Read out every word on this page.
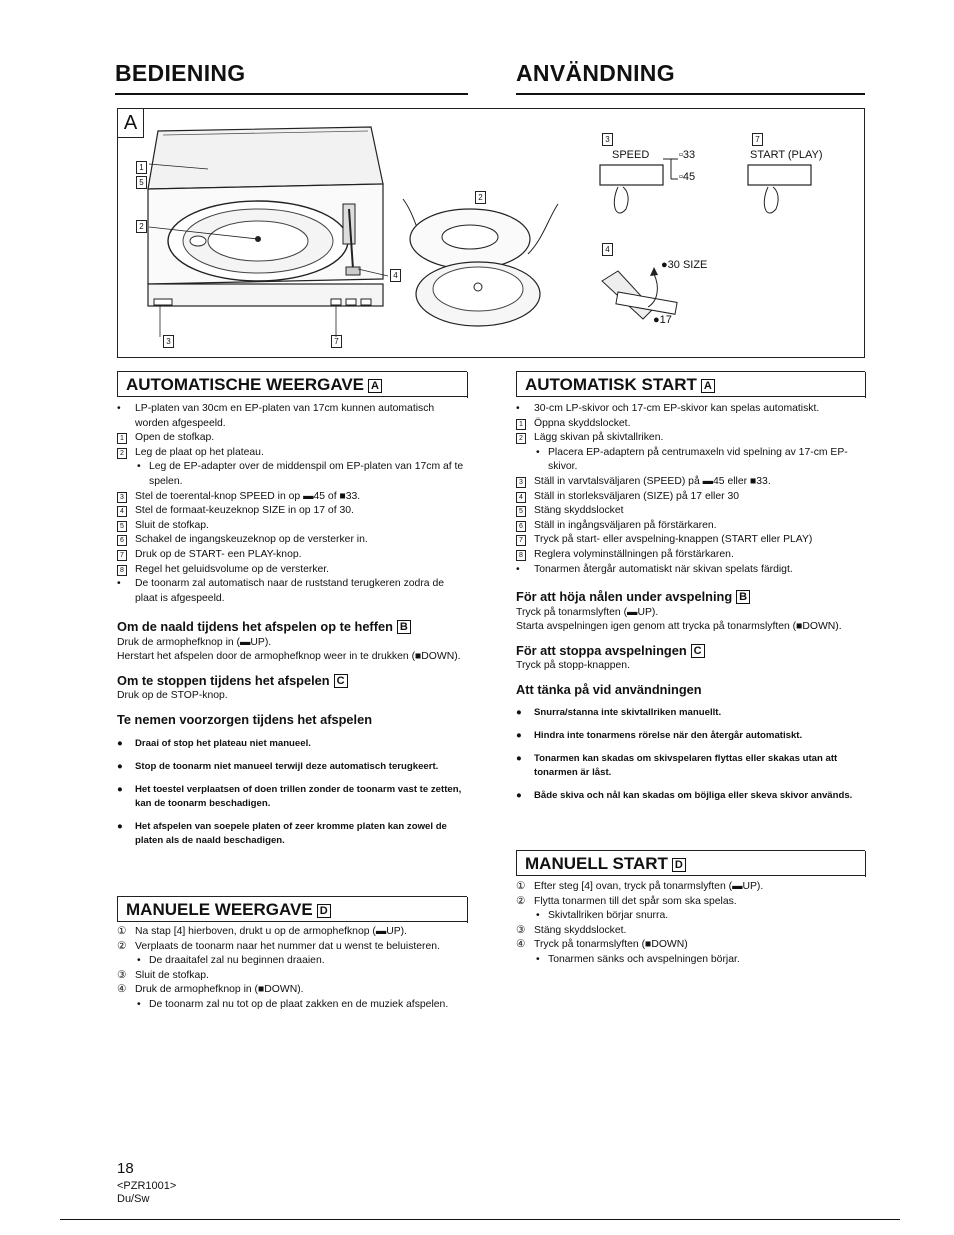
BEDIENING	ANVÄNDNING
A
1
5
2
2
4
3	7
3
SPEED	▫33
▫45
7
START (PLAY)
4
●30 SIZE
●17
AUTOMATISCHE WEERGAVE A
• LP-platen van 30cm en EP-platen van 17cm kunnen automatisch worden afgespeeld.
1 Open de stofkap.
2 Leg de plaat op het plateau.
• Leg de EP-adapter over de middenspil om EP-platen van 17cm af te spelen.
3 Stel de toerental-knop SPEED in op ▬45 of ■33.
4 Stel de formaat-keuzeknop SIZE in op 17 of 30.
5 Sluit de stofkap.
6 Schakel de ingangskeuzeknop op de versterker in.
7 Druk op de START- een PLAY-knop.
8 Regel het geluidsvolume op de versterker.
• De toonarm zal automatisch naar de ruststand terugkeren zodra de plaat is afgespeeld.
Om de naald tijdens het afspelen op te heffen B
Druk de armophefknop in (▬UP).
Herstart het afspelen door de armophefknop weer in te drukken (■DOWN).
Om te stoppen tijdens het afspelen C
Druk op de STOP-knop.
Te nemen voorzorgen tijdens het afspelen
● Draai of stop het plateau niet manueel.
● Stop de toonarm niet manueel terwijl deze automatisch terugkeert.
● Het toestel verplaatsen of doen trillen zonder de toonarm vast te zetten, kan de toonarm beschadigen.
● Het afspelen van soepele platen of zeer kromme platen kan zowel de platen als de naald beschadigen.
MANUELE WEERGAVE D
① Na stap [4] hierboven, drukt u op de armophefknop (▬UP).
② Verplaats de toonarm naar het nummer dat u wenst te beluisteren.
• De draaitafel zal nu beginnen draaien.
③ Sluit de stofkap.
④ Druk de armophefknop in (■DOWN).
• De toonarm zal nu tot op de plaat zakken en de muziek afspelen.
AUTOMATISK START A
• 30-cm LP-skivor och 17-cm EP-skivor kan spelas automatiskt.
1 Öppna skyddslocket.
2 Lägg skivan på skivtallriken.
• Placera EP-adaptern på centrumaxeln vid spelning av 17-cm EP-skivor.
3 Ställ in varvtalsväljaren (SPEED) på ▬45 eller ■33.
4 Ställ in storleksväljaren (SIZE) på 17 eller 30
5 Stäng skyddslocket
6 Ställ in ingångsväljaren på förstärkaren.
7 Tryck på start- eller avspelning-knappen (START eller PLAY)
8 Reglera volyminställningen på förstärkaren.
• Tonarmen återgår automatiskt när skivan spelats färdigt.
För att höja nålen under avspelning B
Tryck på tonarmslyften (▬UP).
Starta avspelningen igen genom att trycka på tonarmslyften (■DOWN).
För att stoppa avspelningen C
Tryck på stopp-knappen.
Att tänka på vid användningen
● Snurra/stanna inte skivtallriken manuellt.
● Hindra inte tonarmens rörelse när den återgår automatiskt.
● Tonarmen kan skadas om skivspelaren flyttas eller skakas utan att tonarmen är låst.
● Både skiva och nål kan skadas om böjliga eller skeva skivor används.
MANUELL START D
① Efter steg [4] ovan, tryck på tonarmslyften (▬UP).
② Flytta tonarmen till det spår som ska spelas.
• Skivtallriken börjar snurra.
③ Stäng skyddslocket.
④ Tryck på tonarmslyften (■DOWN)
• Tonarmen sänks och avspelningen börjar.
18
<PZR1001>
Du/Sw
